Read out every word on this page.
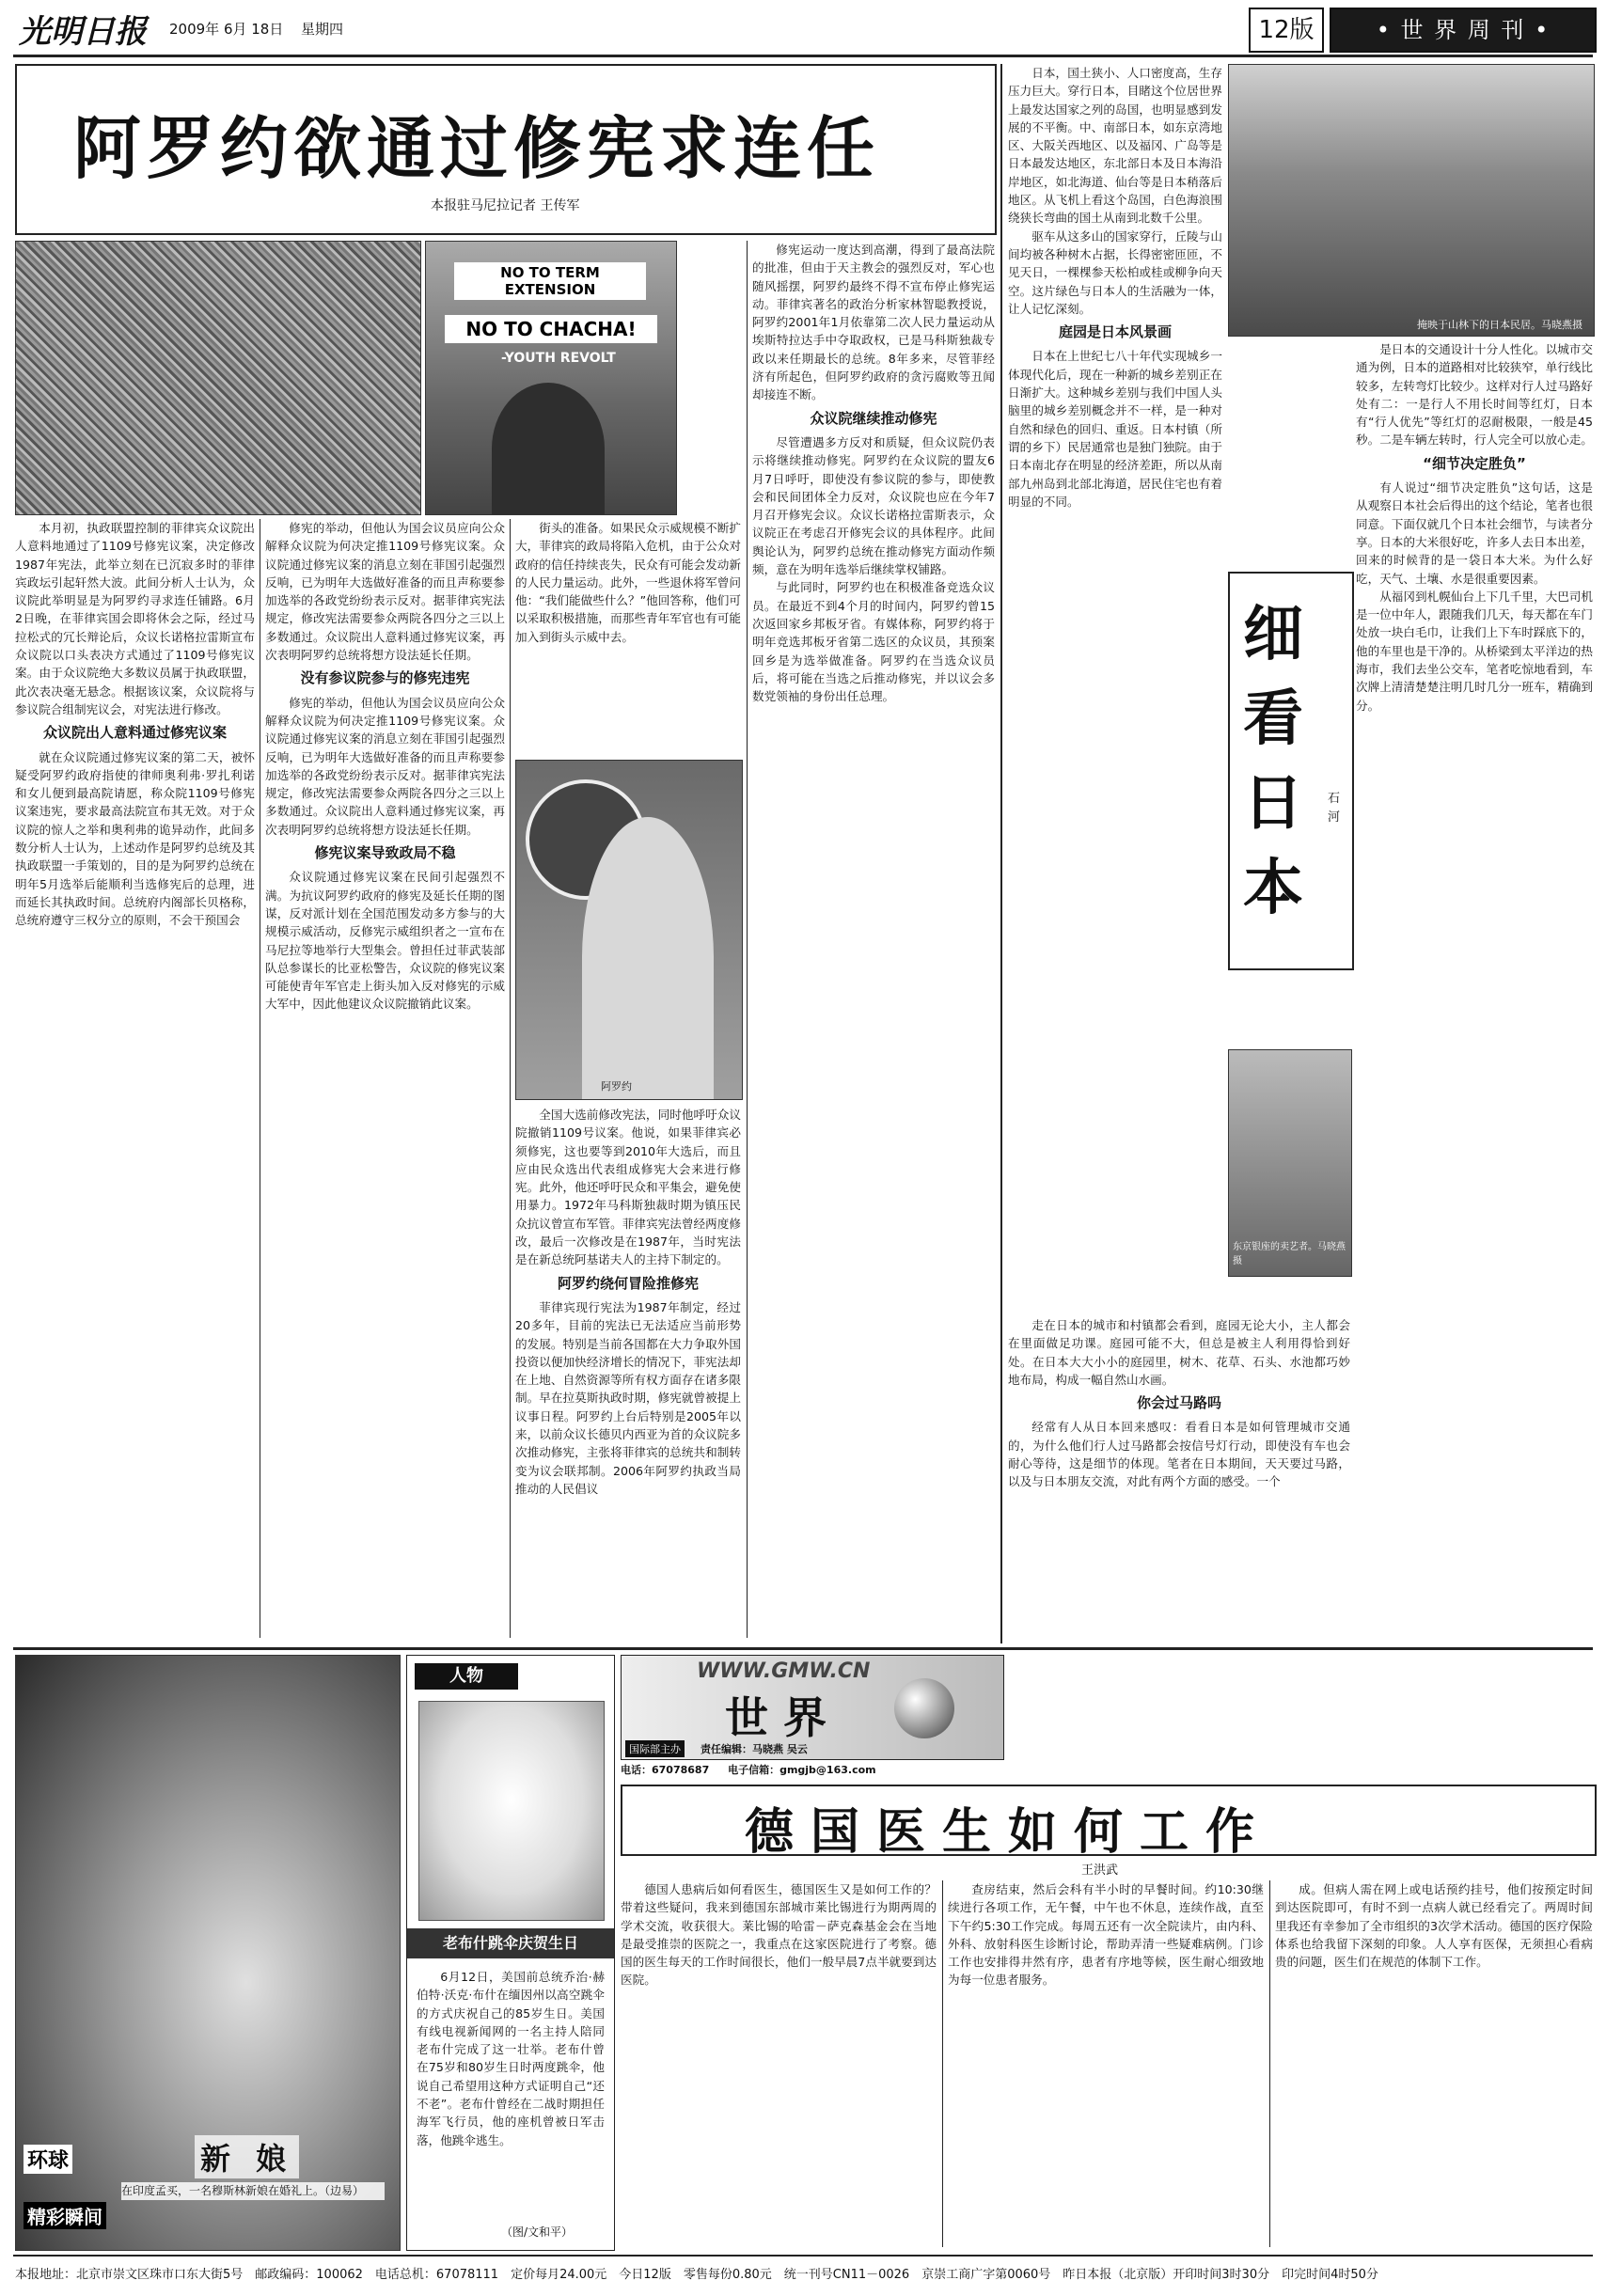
光明日报 2009年 6月 18日 星期四	12版	• 世 界 周 刊 •
阿罗约欲通过修宪求连任
本报驻马尼拉记者 王传军
NO TO TERM EXTENSION
NO TO CHACHA!
-YOUTH REVOLT

本月初，执政联盟控制的菲律宾众议院出人意料地通过了1109号修宪议案，决定修改1987年宪法，此举立刻在已沉寂多时的菲律宾政坛引起轩然大波。此间分析人士认为，众议院此举明显是为阿罗约寻求连任铺路。6月2日晚，在菲律宾国会即将休会之际，经过马拉松式的冗长辩论后，众议长诺格拉雷斯宣布众议院以口头表决方式通过了1109号修宪议案。由于众议院绝大多数议员属于执政联盟，此次表决毫无悬念。根据该议案，众议院将与参议院合组制宪议会，对宪法进行修改。

众议院出人意料通过修宪议案

就在众议院通过修宪议案的第二天，被怀疑受阿罗约政府指使的律师奥利弗·罗扎利诺和女儿便到最高院请愿，称众院1109号修宪议案违宪，要求最高法院宣布其无效。对于众议院的惊人之举和奥利弗的诡异动作，此间多数分析人士认为，上述动作是阿罗约总统及其执政联盟一手策划的，目的是为阿罗约总统在明年5月选举后能顺利当选修宪后的总理，进而延长其执政时间。总统府内阁部长贝格称，总统府遵守三权分立的原则，不会干预国会

修宪的举动，但他认为国会议员应向公众解释众议院为何决定推1109号修宪议案。众议院通过修宪议案的消息立刻在菲国引起强烈反响，已为明年大选做好准备的而且声称要参加选举的各政党纷纷表示反对。据菲律宾宪法规定，修改宪法需要参众两院各四分之三以上多数通过。众议院出人意料通过修宪议案，再次表明阿罗约总统将想方设法延长任期。

没有参议院参与的修宪违宪

修宪的举动，但他认为国会议员应向公众解释众议院为何决定推1109号修宪议案。众议院通过修宪议案的消息立刻在菲国引起强烈反响，已为明年大选做好准备的而且声称要参加选举的各政党纷纷表示反对。据菲律宾宪法规定，修改宪法需要参众两院各四分之三以上多数通过。众议院出人意料通过修宪议案，再次表明阿罗约总统将想方设法延长任期。

修宪议案导致政局不稳

众议院通过修宪议案在民间引起强烈不满。为抗议阿罗约政府的修宪及延长任期的图谋，反对派计划在全国范围发动多方参与的大规模示威活动，反修宪示威组织者之一宣布在马尼拉等地举行大型集会。曾担任过菲武装部队总参谋长的比亚松警告，众议院的修宪议案可能使青年军官走上街头加入反对修宪的示威大军中，因此他建议众议院撤销此议案。

街头的准备。如果民众示威规模不断扩大，菲律宾的政局将陷入危机，由于公众对政府的信任持续丧失，民众有可能会发动新的人民力量运动。此外，一些退休将军曾问他：“我们能做些什么？”他回答称，他们可以采取积极措施，而那些青年军官也有可能加入到街头示威中去。

阿罗约

全国大选前修改宪法，同时他呼吁众议院撤销1109号议案。他说，如果菲律宾必须修宪，这也要等到2010年大选后，而且应由民众选出代表组成修宪大会来进行修宪。此外，他还呼吁民众和平集会，避免使用暴力。1972年马科斯独裁时期为镇压民众抗议曾宣布军管。菲律宾宪法曾经两度修改，最后一次修改是在1987年，当时宪法是在新总统阿基诺夫人的主持下制定的。

阿罗约绕何冒险推修宪

菲律宾现行宪法为1987年制定，经过20多年，目前的宪法已无法适应当前形势的发展。特别是当前各国都在大力争取外国投资以便加快经济增长的情况下，菲宪法却在上地、自然资源等所有权方面存在诸多限制。早在拉莫斯执政时期，修宪就曾被提上议事日程。阿罗约上台后特别是2005年以来，以前众议长德贝内西亚为首的众议院多次推动修宪，主张将菲律宾的总统共和制转变为议会联邦制。2006年阿罗约执政当局推动的人民倡议

修宪运动一度达到高潮，得到了最高法院的批准，但由于天主教会的强烈反对，军心也随风摇摆，阿罗约最终不得不宣布停止修宪运动。菲律宾著名的政治分析家林智聪教授说，阿罗约2001年1月依靠第二次人民力量运动从埃斯特拉达手中夺取政权，已是马科斯独裁专政以来任期最长的总统。8年多来，尽管菲经济有所起色，但阿罗约政府的贪污腐败等丑闻却接连不断。

众议院继续推动修宪

尽管遭遇多方反对和质疑，但众议院仍表示将继续推动修宪。阿罗约在众议院的盟友6月7日呼吁，即使没有参议院的参与，即使教会和民间团体全力反对，众议院也应在今年7月召开修宪会议。众议长诺格拉雷斯表示，众议院正在考虑召开修宪会议的具体程序。此间舆论认为，阿罗约总统在推动修宪方面动作频频，意在为明年选举后继续掌权铺路。

与此同时，阿罗约也在积极准备竞选众议员。在最近不到4个月的时间内，阿罗约曾15次返回家乡邦板牙省。有媒体称，阿罗约将于明年竞选邦板牙省第二选区的众议员，其预案回乡是为选举做准备。阿罗约在当选众议员后，将可能在当选之后推动修宪，并以议会多数党领袖的身份出任总理。

掩映于山林下的日本民居。马晓燕摄

日本，国土狭小、人口密度高，生存压力巨大。穿行日本，目睹这个位居世界上最发达国家之列的岛国，也明显感到发展的不平衡。中、南部日本，如东京湾地区、大阪关西地区、以及福冈、广岛等是日本最发达地区，东北部日本及日本海沿岸地区，如北海道、仙台等是日本稍落后地区。从飞机上看这个岛国，白色海浪围绕狭长弯曲的国土从南到北数千公里。

驱车从这多山的国家穿行，丘陵与山间均被各种树木占据，长得密密匝匝，不见天日，一棵棵参天松柏或桂或柳争向天空。这片绿色与日本人的生活融为一体，让人记忆深刻。

庭园是日本风景画

日本在上世纪七八十年代实现城乡一体现代化后，现在一种新的城乡差别正在日渐扩大。这种城乡差别与我们中国人头脑里的城乡差别概念并不一样，是一种对自然和绿色的回归、重返。日本村镇（所谓的乡下）民居通常也是独门独院。由于日本南北存在明显的经济差距，所以从南部九州岛到北部北海道，居民住宅也有着明显的不同。

细看日本
石河

是日本的交通设计十分人性化。以城市交通为例，日本的道路相对比较狭窄，单行线比较多，左转弯灯比较少。这样对行人过马路好处有二：一是行人不用长时间等红灯，日本有“行人优先”等红灯的忍耐极限，一般是45秒。二是车辆左转时，行人完全可以放心走。

“细节决定胜负”

有人说过“细节决定胜负”这句话，这是从观察日本社会后得出的这个结论，笔者也很同意。下面仅就几个日本社会细节，与读者分享。日本的大米很好吃，许多人去日本出差，回来的时候背的是一袋日本大米。为什么好吃，天气、土壤、水是很重要因素。

从福冈到札幌仙台上下几千里，大巴司机是一位中年人，跟随我们几天，每天都在车门处放一块白毛巾，让我们上下车时踩底下的，他的车里也是干净的。从桥梁到太平洋边的热海市，我们去坐公交车，笔者吃惊地看到，车次牌上清清楚楚注明几时几分一班车，精确到分。

东京银座的卖艺者。马晓燕摄

走在日本的城市和村镇都会看到，庭园无论大小，主人都会在里面做足功课。庭园可能不大，但总是被主人利用得恰到好处。在日本大大小小的庭园里，树木、花草、石头、水池都巧妙地布局，构成一幅自然山水画。

你会过马路吗

经常有人从日本回来感叹：看看日本是如何管理城市交通的，为什么他们行人过马路都会按信号灯行动，即使没有车也会耐心等待，这是细节的体现。笔者在日本期间，天天要过马路，以及与日本朋友交流，对此有两个方面的感受。一个

新 娘
环球 精彩瞬间
在印度孟买，一名穆斯林新娘在婚礼上。（边易）
人物
老布什跳伞庆贺生日

6月12日，美国前总统乔治·赫伯特·沃克·布什在缅因州以高空跳伞的方式庆祝自己的85岁生日。美国有线电视新闻网的一名主持人陪同老布什完成了这一壮举。老布什曾在75岁和80岁生日时两度跳伞，他说自己希望用这种方式证明自己“还不老”。老布什曾经在二战时期担任海军飞行员，他的座机曾被日军击落，他跳伞逃生。

（图/文和平）
WWW.GMW.CN
世 界
国际部主办	责任编辑：马晓燕 吴云
电话：67078687 电子信箱：gmgjb@163.com
德国医生如何工作
王洪武

德国人患病后如何看医生，德国医生又是如何工作的？带着这些疑问，我来到德国东部城市莱比锡进行为期两周的学术交流，收获很大。莱比锡的哈雷－萨克森基金会在当地是最受推崇的医院之一，我重点在这家医院进行了考察。德国的医生每天的工作时间很长，他们一般早晨7点半就要到达医院。

查房结束，然后会科有半小时的早餐时间。约10:30继续进行各项工作，无午餐，中午也不休息，连续作战，直至下午约5:30工作完成。每周五还有一次全院读片，由内科、外科、放射科医生诊断讨论，帮助弄清一些疑难病例。门诊工作也安排得井然有序，患者有序地等候，医生耐心细致地为每一位患者服务。

成。但病人需在网上或电话预约挂号，他们按预定时间到达医院即可，有时不到一点病人就已经看完了。两周时间里我还有幸参加了全市组织的3次学术活动。德国的医疗保险体系也给我留下深刻的印象。人人享有医保，无须担心看病贵的问题，医生们在规范的体制下工作。

本报地址：北京市崇文区珠市口东大街5号　邮政编码：100062　电话总机：67078111　定价每月24.00元　今日12版　零售每份0.80元　统一刊号CN11－0026　京崇工商广字第0060号　昨日本报（北京版）开印时间3时30分　印完时间4时50分
